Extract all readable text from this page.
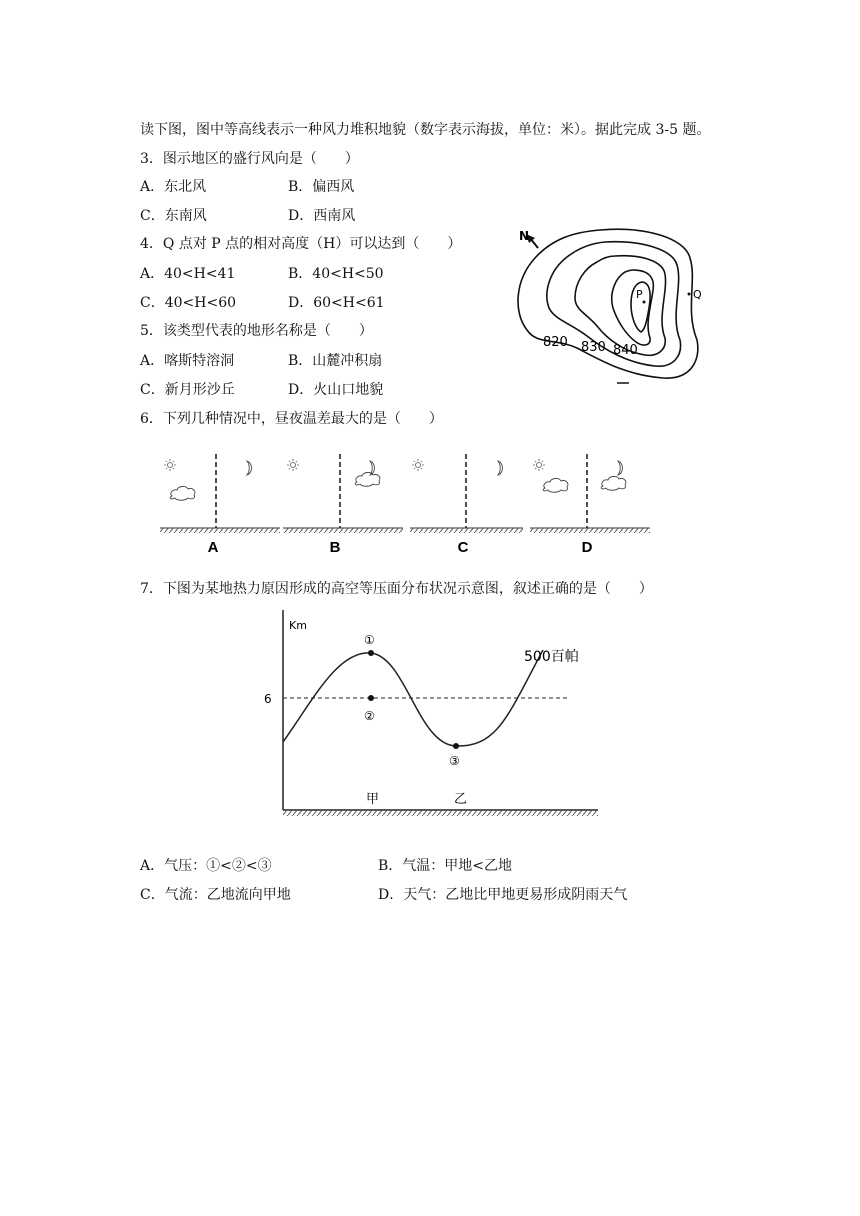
读下图，图中等高线表示一种风力堆积地貌（数字表示海拔，单位：米）。据此完成 3-5 题。
3．图示地区的盛行风向是（　　）
A．东北风	B．偏西风
C．东南风	D．西南风
4．Q 点对 P 点的相对高度（H）可以达到（　　）
A．40<H<41	B．40<H<50
C．40<H<60	D．60<H<61
5．该类型代表的地形名称是（　　）
A．喀斯特溶洞	B．山麓冲积扇
C．新月形沙丘	D．火山口地貌
N
P	Q
820 830 840
6．下列几种情况中，昼夜温差最大的是（　　）
A	B	C	D
7．下图为某地热力原因形成的高空等压面分布状况示意图，叙述正确的是（　　）
Km
6
500百帕
①
②
③
甲	乙
A．气压：①<②<③	B．气温：甲地<乙地
C．气流：乙地流向甲地	D．天气：乙地比甲地更易形成阴雨天气
